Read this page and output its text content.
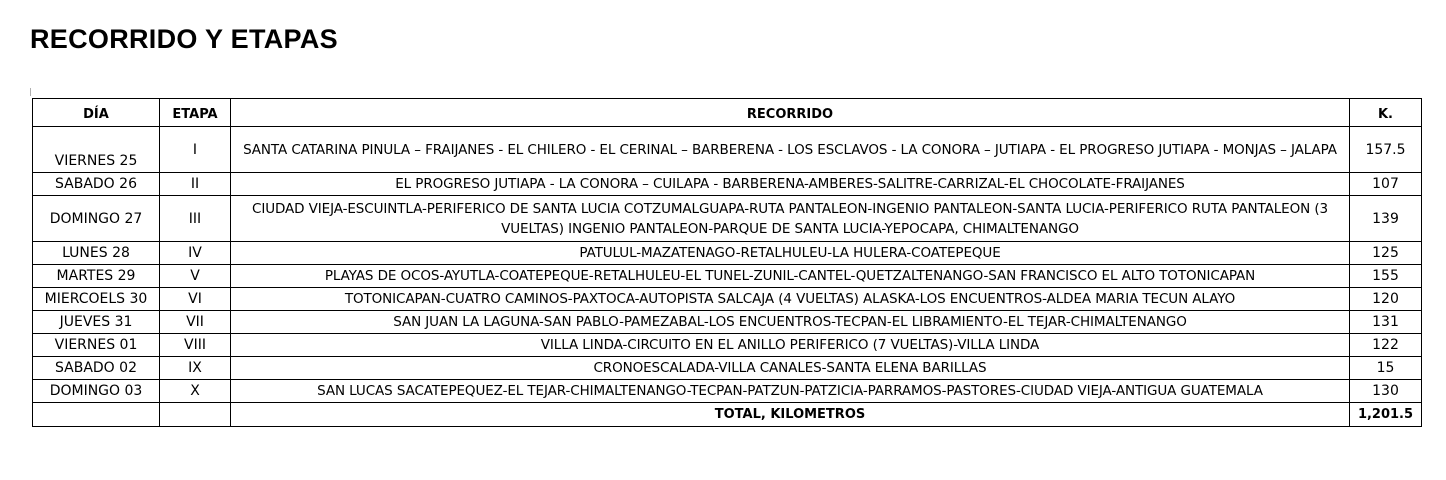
RECORRIDO Y ETAPAS
DÍA	ETAPA	RECORRIDO	K.
VIERNES 25	I	SANTA CATARINA PINULA – FRAIJANES - EL CHILERO - EL CERINAL – BARBERENA - LOS ESCLAVOS - LA CONORA – JUTIAPA - EL PROGRESO JUTIAPA - MONJAS – JALAPA	157.5
SABADO 26	II	EL PROGRESO JUTIAPA - LA CONORA – CUILAPA - BARBERENA-AMBERES-SALITRE-CARRIZAL-EL CHOCOLATE-FRAIJANES	107
DOMINGO 27	III	CIUDAD VIEJA-ESCUINTLA-PERIFERICO DE SANTA LUCIA COTZUMALGUAPA-RUTA PANTALEON-INGENIO PANTALEON-SANTA LUCIA-PERIFERICO RUTA PANTALEON (3 VUELTAS) INGENIO PANTALEON-PARQUE DE SANTA LUCIA-YEPOCAPA, CHIMALTENANGO	139
LUNES 28	IV	PATULUL-MAZATENAGO-RETALHULEU-LA HULERA-COATEPEQUE	125
MARTES 29	V	PLAYAS DE OCOS-AYUTLA-COATEPEQUE-RETALHULEU-EL TUNEL-ZUNIL-CANTEL-QUETZALTENANGO-SAN FRANCISCO EL ALTO TOTONICAPAN	155
MIERCOELS 30	VI	TOTONICAPAN-CUATRO CAMINOS-PAXTOCA-AUTOPISTA SALCAJA (4 VUELTAS) ALASKA-LOS ENCUENTROS-ALDEA MARIA TECUN ALAYO	120
JUEVES 31	VII	SAN JUAN LA LAGUNA-SAN PABLO-PAMEZABAL-LOS ENCUENTROS-TECPAN-EL LIBRAMIENTO-EL TEJAR-CHIMALTENANGO	131
VIERNES 01	VIII	VILLA LINDA-CIRCUITO EN EL ANILLO PERIFERICO (7 VUELTAS)-VILLA LINDA	122
SABADO 02	IX	CRONOESCALADA-VILLA CANALES-SANTA ELENA BARILLAS	15
DOMINGO 03	X	SAN LUCAS SACATEPEQUEZ-EL TEJAR-CHIMALTENANGO-TECPAN-PATZUN-PATZICIA-PARRAMOS-PASTORES-CIUDAD VIEJA-ANTIGUA GUATEMALA	130
		TOTAL, KILOMETROS	1,201.5
